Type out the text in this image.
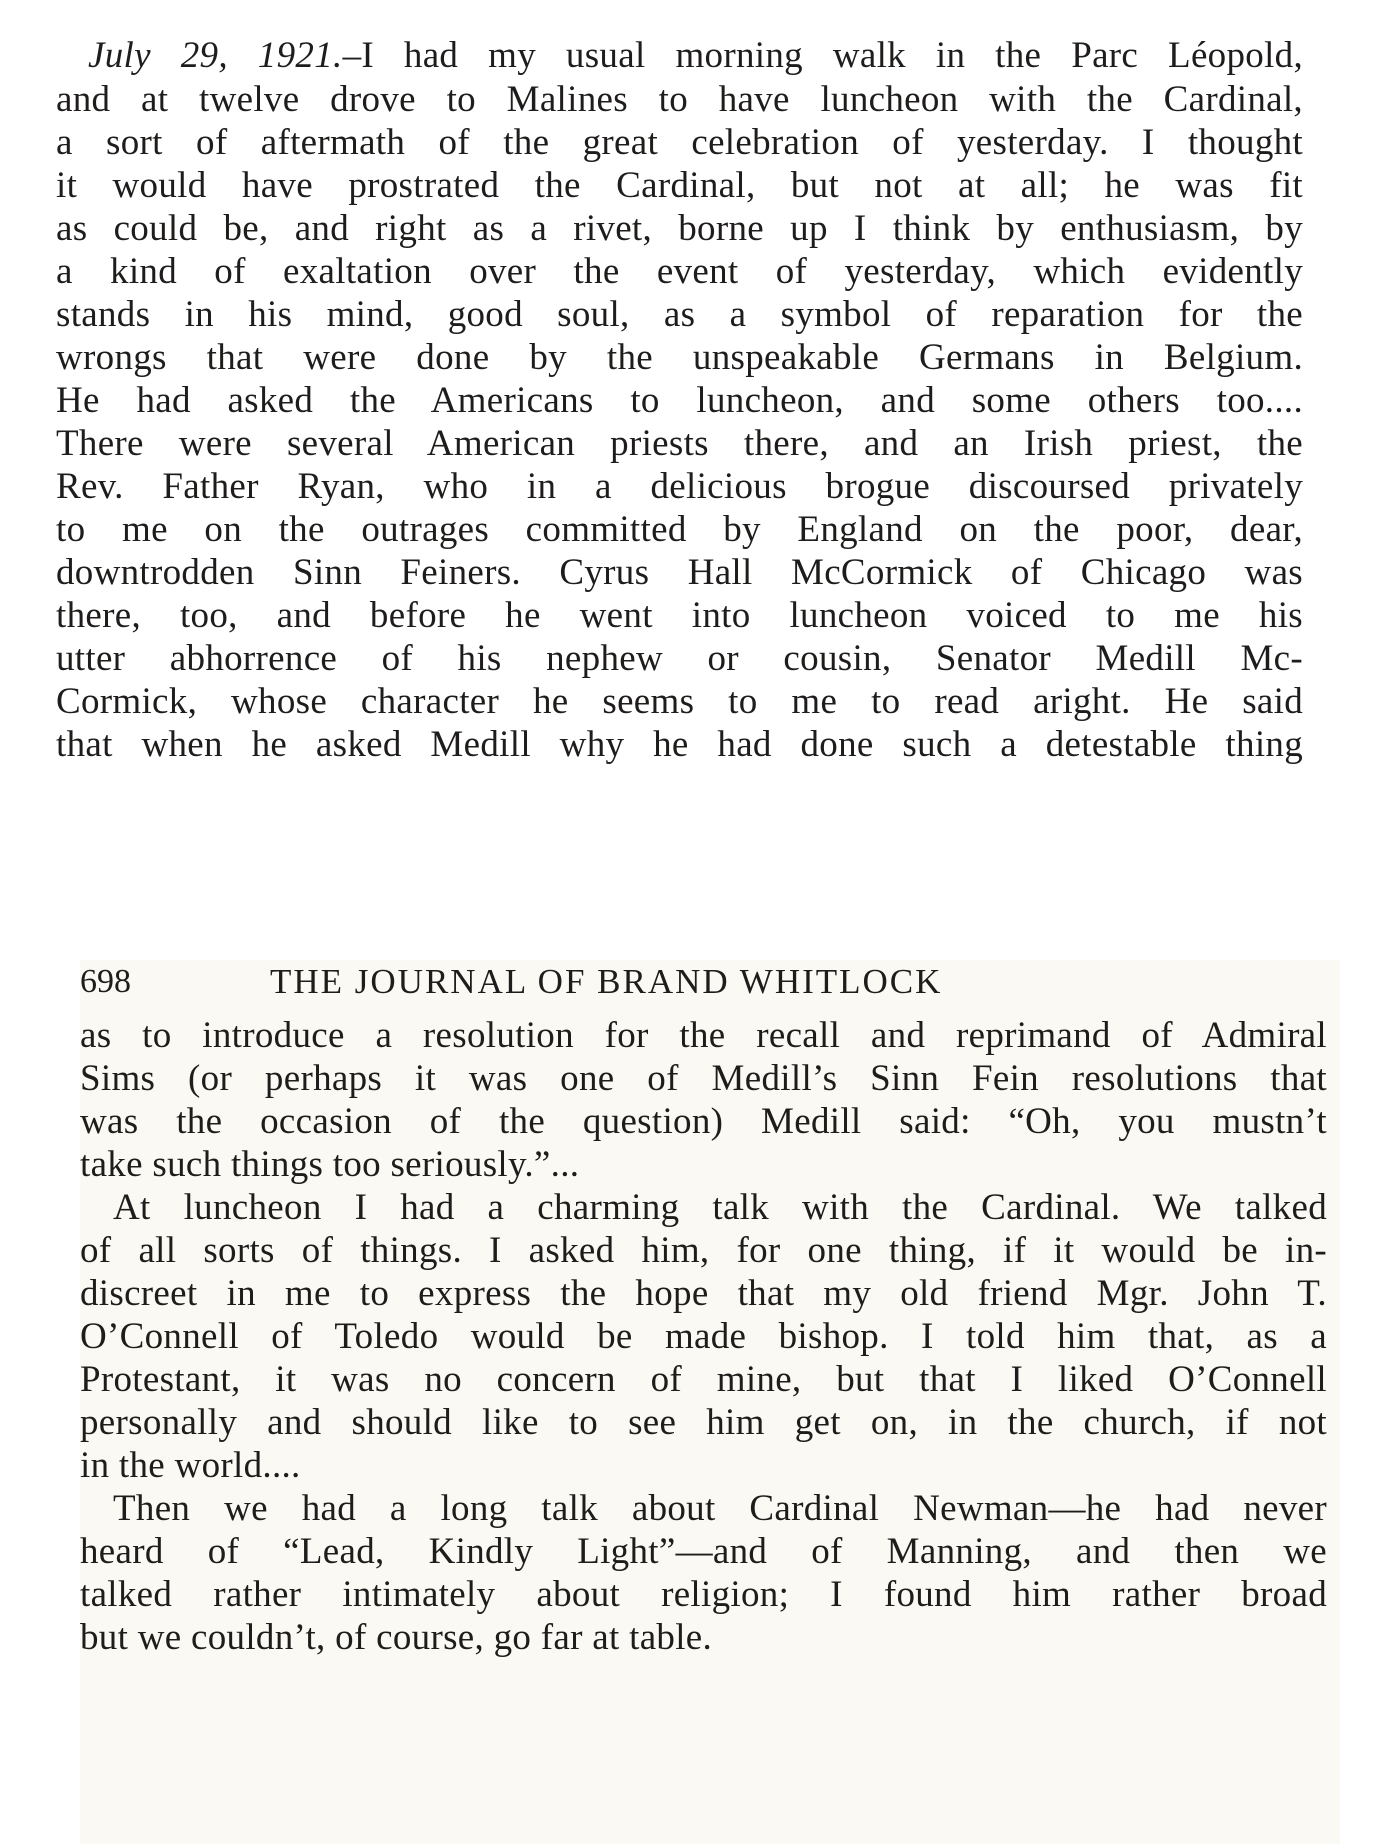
July 29, 1921.–I had my usual morning walk in the Parc Léopold,
and at twelve drove to Malines to have luncheon with the Cardinal,
a sort of aftermath of the great celebration of yesterday. I thought
it would have prostrated the Cardinal, but not at all; he was fit
as could be, and right as a rivet, borne up I think by enthusiasm, by
a kind of exaltation over the event of yesterday, which evidently
stands in his mind, good soul, as a symbol of reparation for the
wrongs that were done by the unspeakable Germans in Belgium.
He had asked the Americans to luncheon, and some others too....
There were several American priests there, and an Irish priest, the
Rev. Father Ryan, who in a delicious brogue discoursed privately
to me on the outrages committed by England on the poor, dear,
downtrodden Sinn Feiners. Cyrus Hall McCormick of Chicago was
there, too, and before he went into luncheon voiced to me his
utter abhorrence of his nephew or cousin, Senator Medill Mc-
Cormick, whose character he seems to me to read aright. He said
that when he asked Medill why he had done such a detestable thing
698	THE JOURNAL OF BRAND WHITLOCK
as to introduce a resolution for the recall and reprimand of Admiral
Sims (or perhaps it was one of Medill’s Sinn Fein resolutions that
was the occasion of the question) Medill said: “Oh, you mustn’t
take such things too seriously.”...
At luncheon I had a charming talk with the Cardinal. We talked
of all sorts of things. I asked him, for one thing, if it would be in-
discreet in me to express the hope that my old friend Mgr. John T.
O’Connell of Toledo would be made bishop. I told him that, as a
Protestant, it was no concern of mine, but that I liked O’Connell
personally and should like to see him get on, in the church, if not
in the world....
Then we had a long talk about Cardinal Newman—he had never
heard of “Lead, Kindly Light”—and of Manning, and then we
talked rather intimately about religion; I found him rather broad
but we couldn’t, of course, go far at table.
